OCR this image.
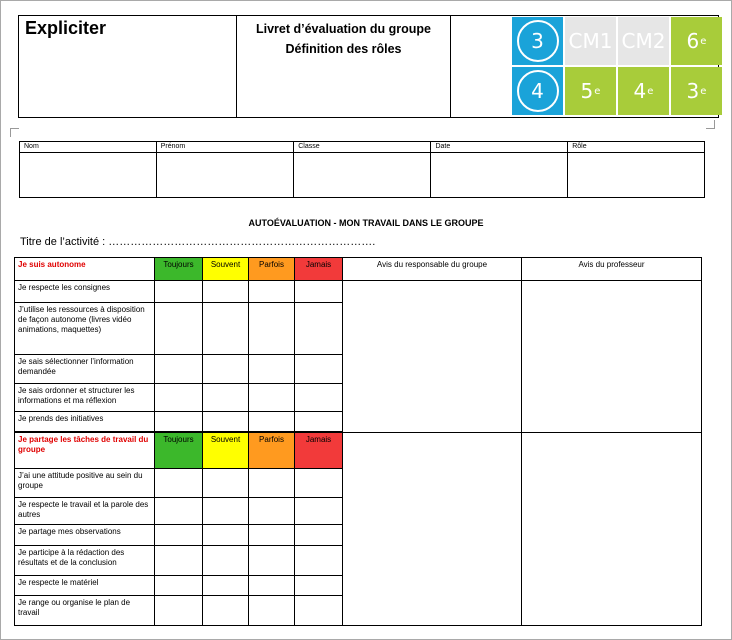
Expliciter	Livret d’évaluation du groupe
Définition des rôles	3 CM1 CM2 6 e
4 5 e 4 e 3 e
Nom	Prénom	Classe	Date	Rôle

AUTOÉVALUATION - MON TRAVAIL DANS LE GROUPE
Titre de l’activité : ……………………………………………………………….
Je suis autonome	Toujours	Souvent	Parfois	Jamais	Avis du responsable du groupe	Avis du professeur
Je respecte les consignes						
J’utilise les ressources à disposition de façon autonome (livres vidéo animations, maquettes)						
Je sais sélectionner l’information demandée						
Je sais ordonner et structurer les informations et ma réflexion						
Je prends des initiatives						

Je partage les tâches de travail du groupe	Toujours	Souvent	Parfois	Jamais		
J’ai une attitude positive au sein du groupe						
Je respecte le travail et la parole des autres						
Je partage mes observations						
Je participe à la rédaction des résultats et de la conclusion						
Je respecte le matériel						
Je range ou organise le plan de travail						
